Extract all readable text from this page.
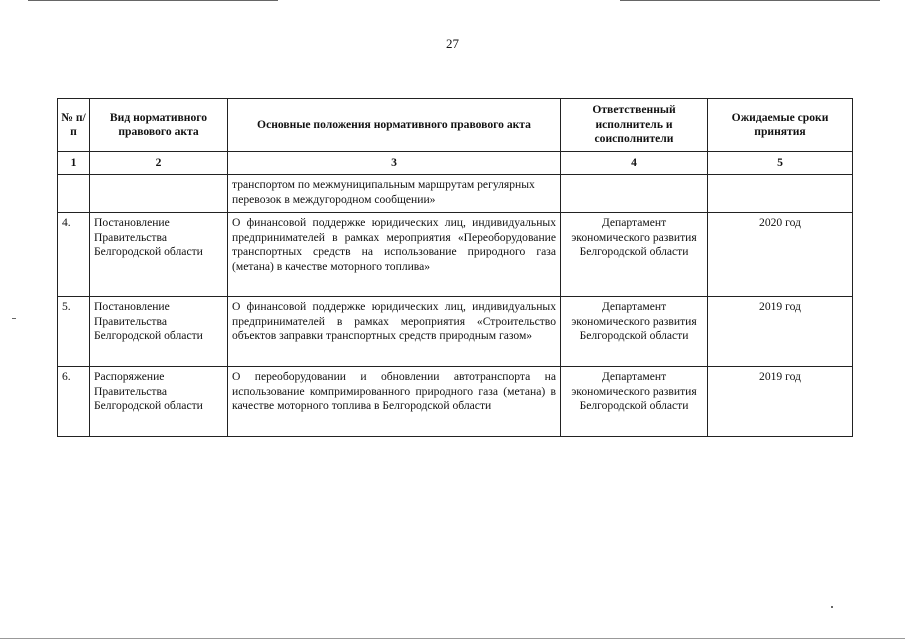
27
№ п/п	Вид нормативного правового акта	Основные положения нормативного правового акта	Ответственный исполнитель и соисполнители	Ожидаемые сроки принятия
1	2	3	4	5
		транспортом по межмуниципальным маршрутам регулярных перевозок в междугородном сообщении»		
4.	Постановление Правительства Белгородской области	О финансовой поддержке юридических лиц, индивидуальных предпринимателей в рамках мероприятия «Переоборудование транспортных средств на использование природного газа (метана) в качестве моторного топлива»	Департамент экономического развития Белгородской области	2020 год
5.	Постановление Правительства Белгородской области	О финансовой поддержке юридических лиц, индивидуальных предпринимателей в рамках мероприятия «Строительство объектов заправки транспортных средств природным газом»	Департамент экономического развития Белгородской области	2019 год
6.	Распоряжение Правительства Белгородской области	О переоборудовании и обновлении автотранспорта на использование компримированного природного газа (метана) в качестве моторного топлива в Белгородской области	Департамент экономического развития Белгородской области	2019 год
